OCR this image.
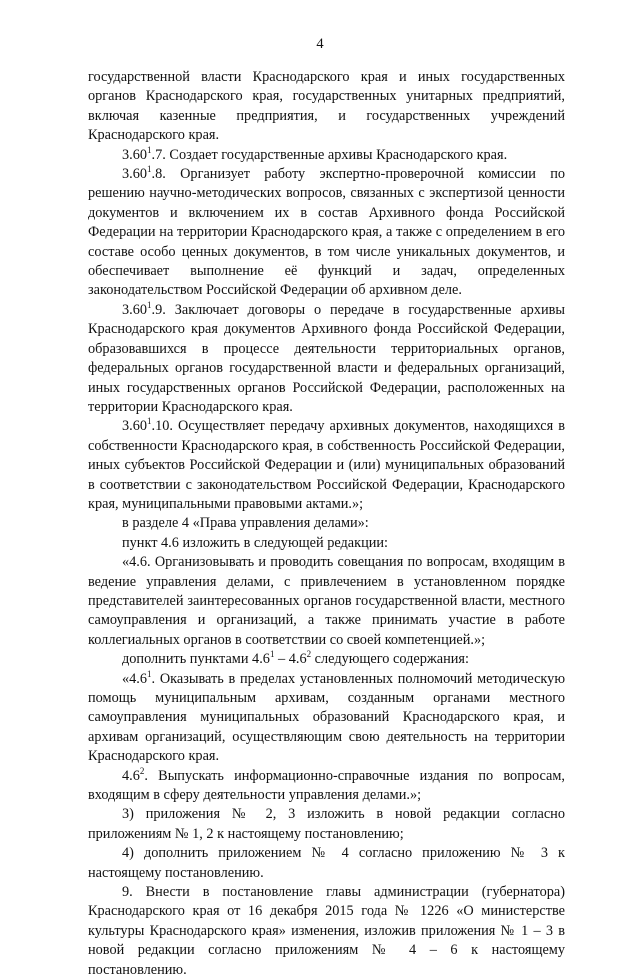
4

государственной власти Краснодарского края и иных государственных органов Краснодарского края, государственных унитарных предприятий, включая казенные предприятия, и государственных учреждений Краснодарского края.

3.60$^1$.7. Создает государственные архивы Краснодарского края.

3.60$^1$.8. Организует работу экспертно-проверочной комиссии по решению научно-методических вопросов, связанных с экспертизой ценности документов и включением их в состав Архивного фонда Российской Федерации на территории Краснодарского края, а также с определением в его составе особо ценных документов, в том числе уникальных документов, и обеспечивает выполнение её функций и задач, определенных законодательством Российской Федерации об архивном деле.

3.60$^1$.9. Заключает договоры о передаче в государственные архивы Краснодарского края документов Архивного фонда Российской Федерации, образовавшихся в процессе деятельности территориальных органов, федеральных органов государственной власти и федеральных организаций, иных государственных органов Российской Федерации, расположенных на территории Краснодарского края.

3.60$^1$.10. Осуществляет передачу архивных документов, находящихся в собственности Краснодарского края, в собственность Российской Федерации, иных субъектов Российской Федерации и (или) муниципальных образований в соответствии с законодательством Российской Федерации, Краснодарского края, муниципальными правовыми актами.»;

в разделе 4 «Права управления делами»:

пункт 4.6 изложить в следующей редакции:

«4.6. Организовывать и проводить совещания по вопросам, входящим в ведение управления делами, с привлечением в установленном порядке представителей заинтересованных органов государственной власти, местного самоуправления и организаций, а также принимать участие в работе коллегиальных органов в соответствии со своей компетенцией.»;

дополнить пунктами $4.6^1 - 4.6^2$ следующего содержания:

«$4.6^1$. Оказывать в пределах установленных полномочий методическую помощь муниципальным архивам, созданным органами местного самоуправления муниципальных образований Краснодарского края, и архивам организаций, осуществляющим свою деятельность на территории Краснодарского края.

$4.6^2$. Выпускать информационно-справочные издания по вопросам, входящим в сферу деятельности управления делами.»;

3) приложения № 2, 3 изложить в новой редакции согласно приложениям № 1, 2 к настоящему постановлению;

4) дополнить приложением № 4 согласно приложению № 3 к настоящему постановлению.

9. Внести в постановление главы администрации (губернатора) Краснодарского края от 16 декабря 2015 года № 1226 «О министерстве культуры Краснодарского края» изменения, изложив приложения № 1 – 3 в новой редакции согласно приложениям № 4 – 6 к настоящему постановлению.
